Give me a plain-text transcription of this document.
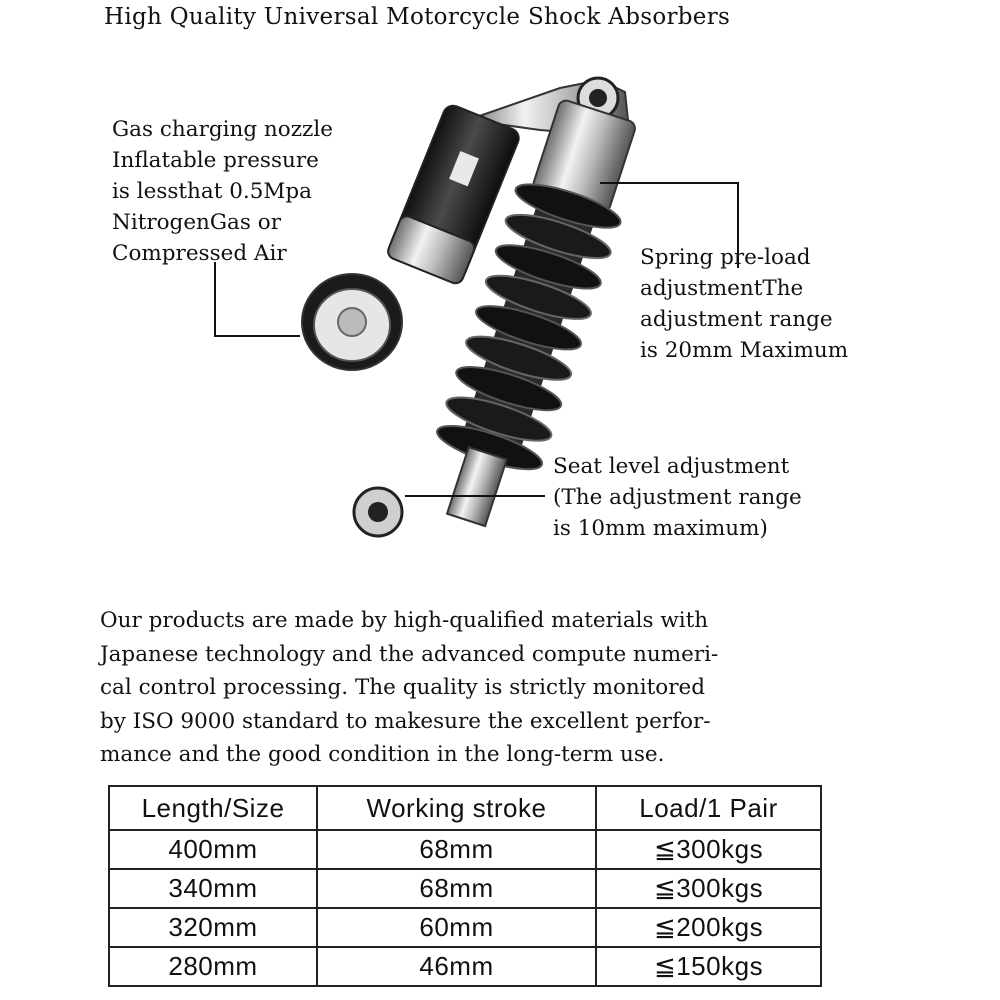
High Quality Universal Motorcycle Shock Absorbers
Gas charging nozzle
Inflatable pressure
is lessthat 0.5Mpa
NitrogenGas or
Compressed Air	Spring pre-load
adjustmentThe
adjustment range
is 20mm Maximum
Seat level adjustment
(The adjustment range
is 10mm maximum)
Our products are made by high-qualified materials with
Japanese technology and the advanced compute numeri-
cal control processing. The quality is strictly monitored
by ISO 9000 standard to makesure the excellent perfor-
mance and the good condition in the long-term use.
Length/Size	Working stroke	Load/1 Pair
400mm	68mm	≦300kgs
340mm	68mm	≦300kgs
320mm	60mm	≦200kgs
280mm	46mm	≦150kgs
